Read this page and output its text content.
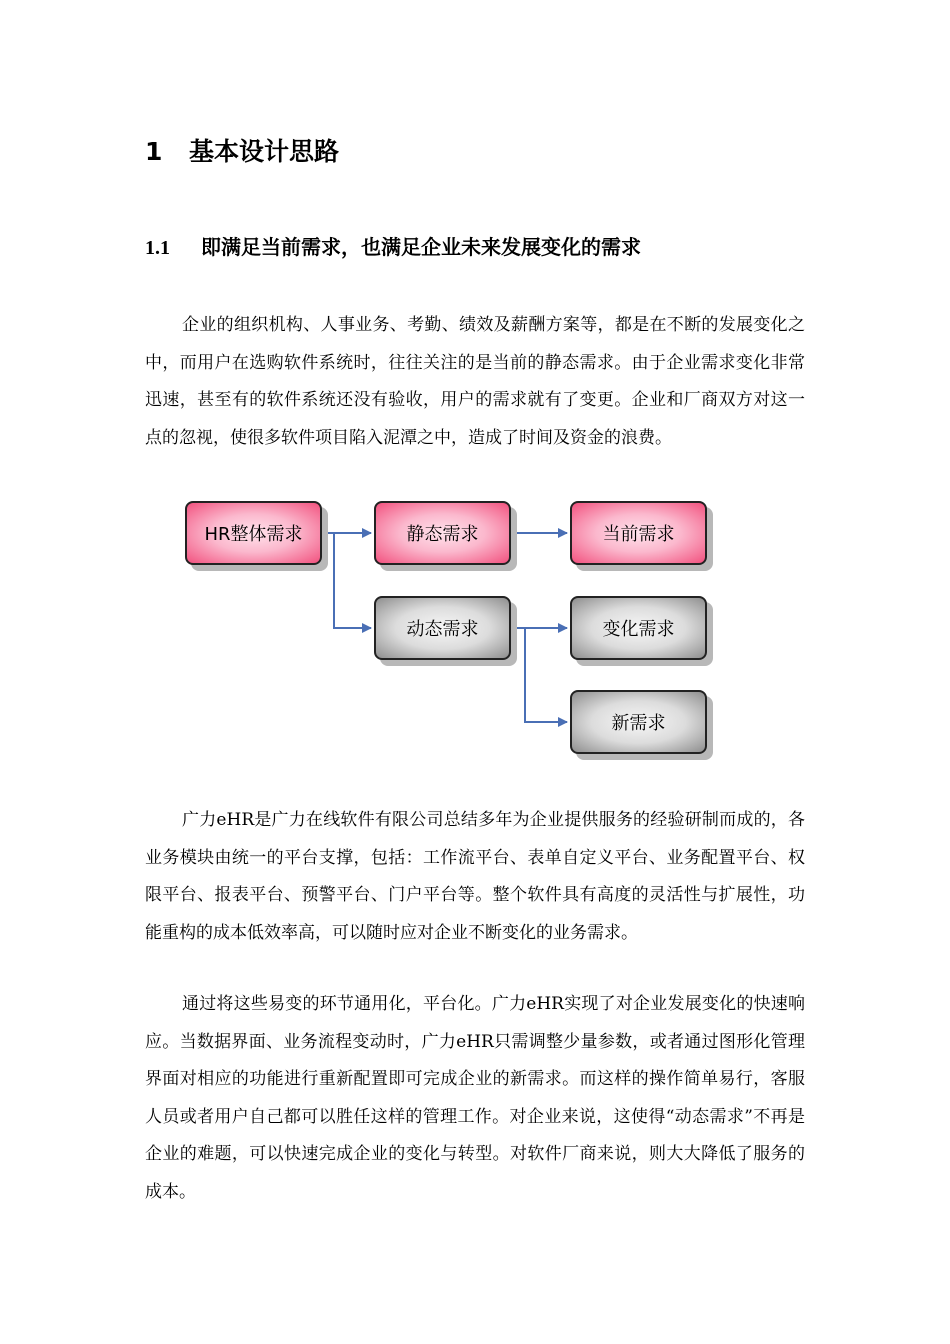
1 基本设计思路
1.1 即满足当前需求，也满足企业未来发展变化的需求

企业的组织机构、人事业务、考勤、绩效及薪酬方案等，都是在不断的发展变化之中，而用户在选购软件系统时，往往关注的是当前的静态需求。由于企业需求变化非常迅速，甚至有的软件系统还没有验收，用户的需求就有了变更。企业和厂商双方对这一点的忽视，使很多软件项目陷入泥潭之中，造成了时间及资金的浪费。

HR整体需求	静态需求	当前需求
动态需求	变化需求
新需求

广力eHR是广力在线软件有限公司总结多年为企业提供服务的经验研制而成的，各业务模块由统一的平台支撑，包括：工作流平台、表单自定义平台、业务配置平台、权限平台、报表平台、预警平台、门户平台等。整个软件具有高度的灵活性与扩展性，功能重构的成本低效率高，可以随时应对企业不断变化的业务需求。

通过将这些易变的环节通用化，平台化。广力eHR实现了对企业发展变化的快速响应。当数据界面、业务流程变动时，广力eHR只需调整少量参数，或者通过图形化管理界面对相应的功能进行重新配置即可完成企业的新需求。而这样的操作简单易行，客服人员或者用户自己都可以胜任这样的管理工作。对企业来说，这使得“动态需求”不再是企业的难题，可以快速完成企业的变化与转型。对软件厂商来说，则大大降低了服务的成本。
